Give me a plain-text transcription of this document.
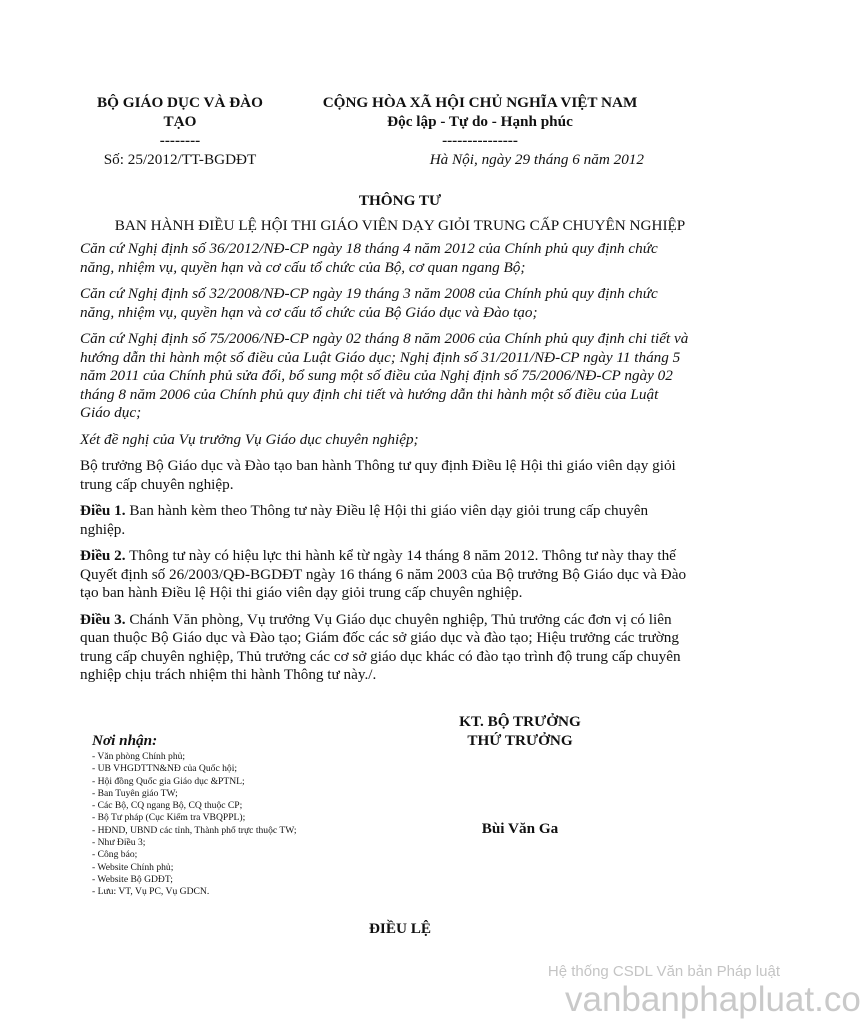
BỘ GIÁO DỤC VÀ ĐÀO
TẠO
--------
Số: 25/2012/TT-BGDĐT
CỘNG HÒA XÃ HỘI CHỦ NGHĨA VIỆT NAM
Độc lập - Tự do - Hạnh phúc
---------------
Hà Nội, ngày 29 tháng 6 năm 2012
THÔNG TƯ
BAN HÀNH ĐIỀU LỆ HỘI THI GIÁO VIÊN DẠY GIỎI TRUNG CẤP CHUYÊN NGHIỆP

Căn cứ Nghị định số 36/2012/NĐ-CP ngày 18 tháng 4 năm 2012 của Chính phủ quy định chức năng, nhiệm vụ, quyền hạn và cơ cấu tổ chức của Bộ, cơ quan ngang Bộ;

Căn cứ Nghị định số 32/2008/NĐ-CP ngày 19 tháng 3 năm 2008 của Chính phủ quy định chức năng, nhiệm vụ, quyền hạn và cơ cấu tổ chức của Bộ Giáo dục và Đào tạo;

Căn cứ Nghị định số 75/2006/NĐ-CP ngày 02 tháng 8 năm 2006 của Chính phủ quy định chi tiết và hướng dẫn thi hành một số điều của Luật Giáo dục; Nghị định số 31/2011/NĐ-CP ngày 11 tháng 5 năm 2011 của Chính phủ sửa đổi, bổ sung một số điều của Nghị định số 75/2006/NĐ-CP ngày 02 tháng 8 năm 2006 của Chính phủ quy định chi tiết và hướng dẫn thi hành một số điều của Luật Giáo dục;

Xét đề nghị của Vụ trưởng Vụ Giáo dục chuyên nghiệp;

Bộ trưởng Bộ Giáo dục và Đào tạo ban hành Thông tư quy định Điều lệ Hội thi giáo viên dạy giỏi trung cấp chuyên nghiệp.

Điều 1. Ban hành kèm theo Thông tư này Điều lệ Hội thi giáo viên dạy giỏi trung cấp chuyên nghiệp.

Điều 2. Thông tư này có hiệu lực thi hành kể từ ngày 14 tháng 8 năm 2012. Thông tư này thay thế Quyết định số 26/2003/QĐ-BGDĐT ngày 16 tháng 6 năm 2003 của Bộ trưởng Bộ Giáo dục và Đào tạo ban hành Điều lệ Hội thi giáo viên dạy giỏi trung cấp chuyên nghiệp.

Điều 3. Chánh Văn phòng, Vụ trưởng Vụ Giáo dục chuyên nghiệp, Thủ trưởng các đơn vị có liên quan thuộc Bộ Giáo dục và Đào tạo; Giám đốc các sở giáo dục và đào tạo; Hiệu trưởng các trường trung cấp chuyên nghiệp, Thủ trưởng các cơ sở giáo dục khác có đào tạo trình độ trung cấp chuyên nghiệp chịu trách nhiệm thi hành Thông tư này./.

Nơi nhận:
- Văn phòng Chính phủ;
- UB VHGDTTN&NĐ của Quốc hội;
- Hội đồng Quốc gia Giáo dục &PTNL;
- Ban Tuyên giáo TW;
- Các Bộ, CQ ngang Bộ, CQ thuộc CP;
- Bộ Tư pháp (Cục Kiểm tra VBQPPL);
- HĐND, UBND các tỉnh, Thành phố trực thuộc TW;
- Như Điều 3;
- Công báo;
- Website Chính phủ;
- Website Bộ GDĐT;
- Lưu: VT, Vụ PC, Vụ GDCN.
KT. BỘ TRƯỞNG
THỨ TRƯỞNG
Bùi Văn Ga
ĐIỀU LỆ
Hệ thống CSDL Văn bản Pháp luật
vanbanphapluat.co
